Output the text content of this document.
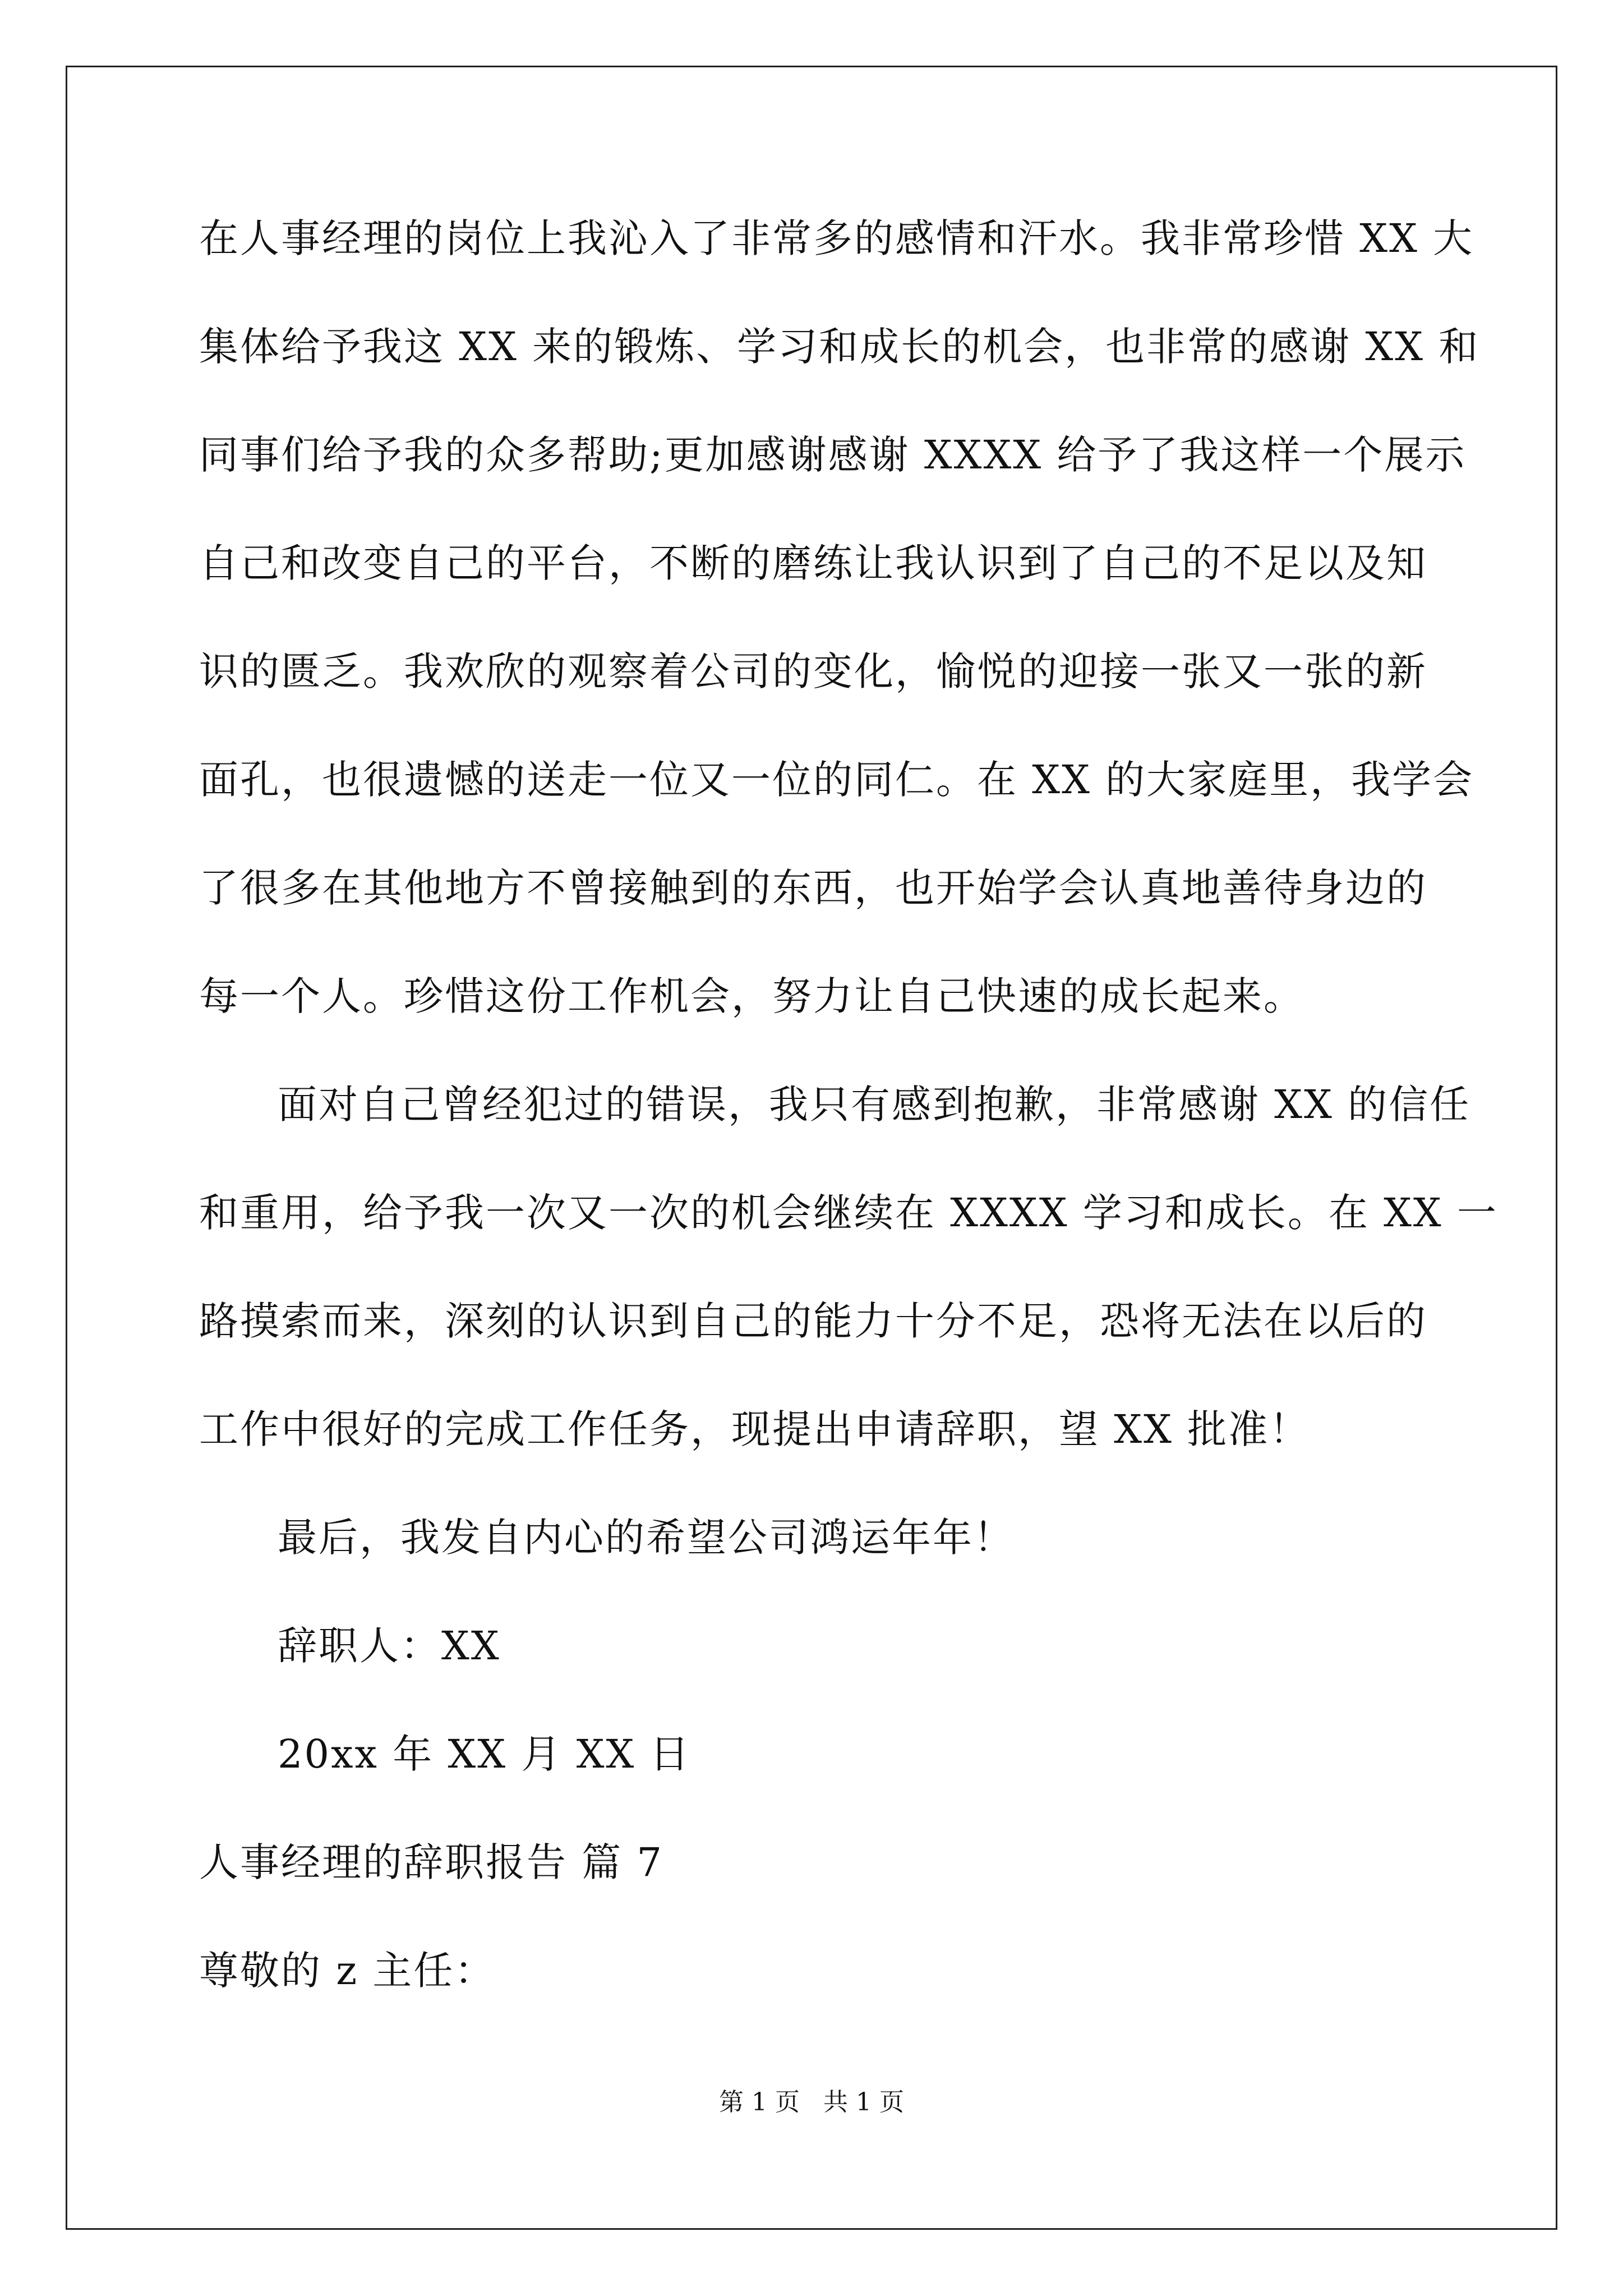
在人事经理的岗位上我沁入了非常多的感情和汗水。我非常珍惜 XX 大
集体给予我这 XX 来的锻炼、学习和成长的机会，也非常的感谢 XX 和
同事们给予我的众多帮助;更加感谢感谢 XXXX 给予了我这样一个展示
自己和改变自己的平台，不断的磨练让我认识到了自己的不足以及知
识的匮乏。我欢欣的观察着公司的变化，愉悦的迎接一张又一张的新
面孔，也很遗憾的送走一位又一位的同仁。在 XX 的大家庭里，我学会
了很多在其他地方不曾接触到的东西，也开始学会认真地善待身边的
每一个人。珍惜这份工作机会，努力让自己快速的成长起来。
面对自己曾经犯过的错误，我只有感到抱歉，非常感谢 XX 的信任
和重用，给予我一次又一次的机会继续在 XXXX 学习和成长。在 XX 一
路摸索而来，深刻的认识到自己的能力十分不足，恐将无法在以后的
工作中很好的完成工作任务，现提出申请辞职，望 XX 批准！
最后，我发自内心的希望公司鸿运年年！
辞职人：XX
20xx 年 XX 月 XX 日
人事经理的辞职报告 篇 7
尊敬的 z 主任：
第 1 页   共 1 页
